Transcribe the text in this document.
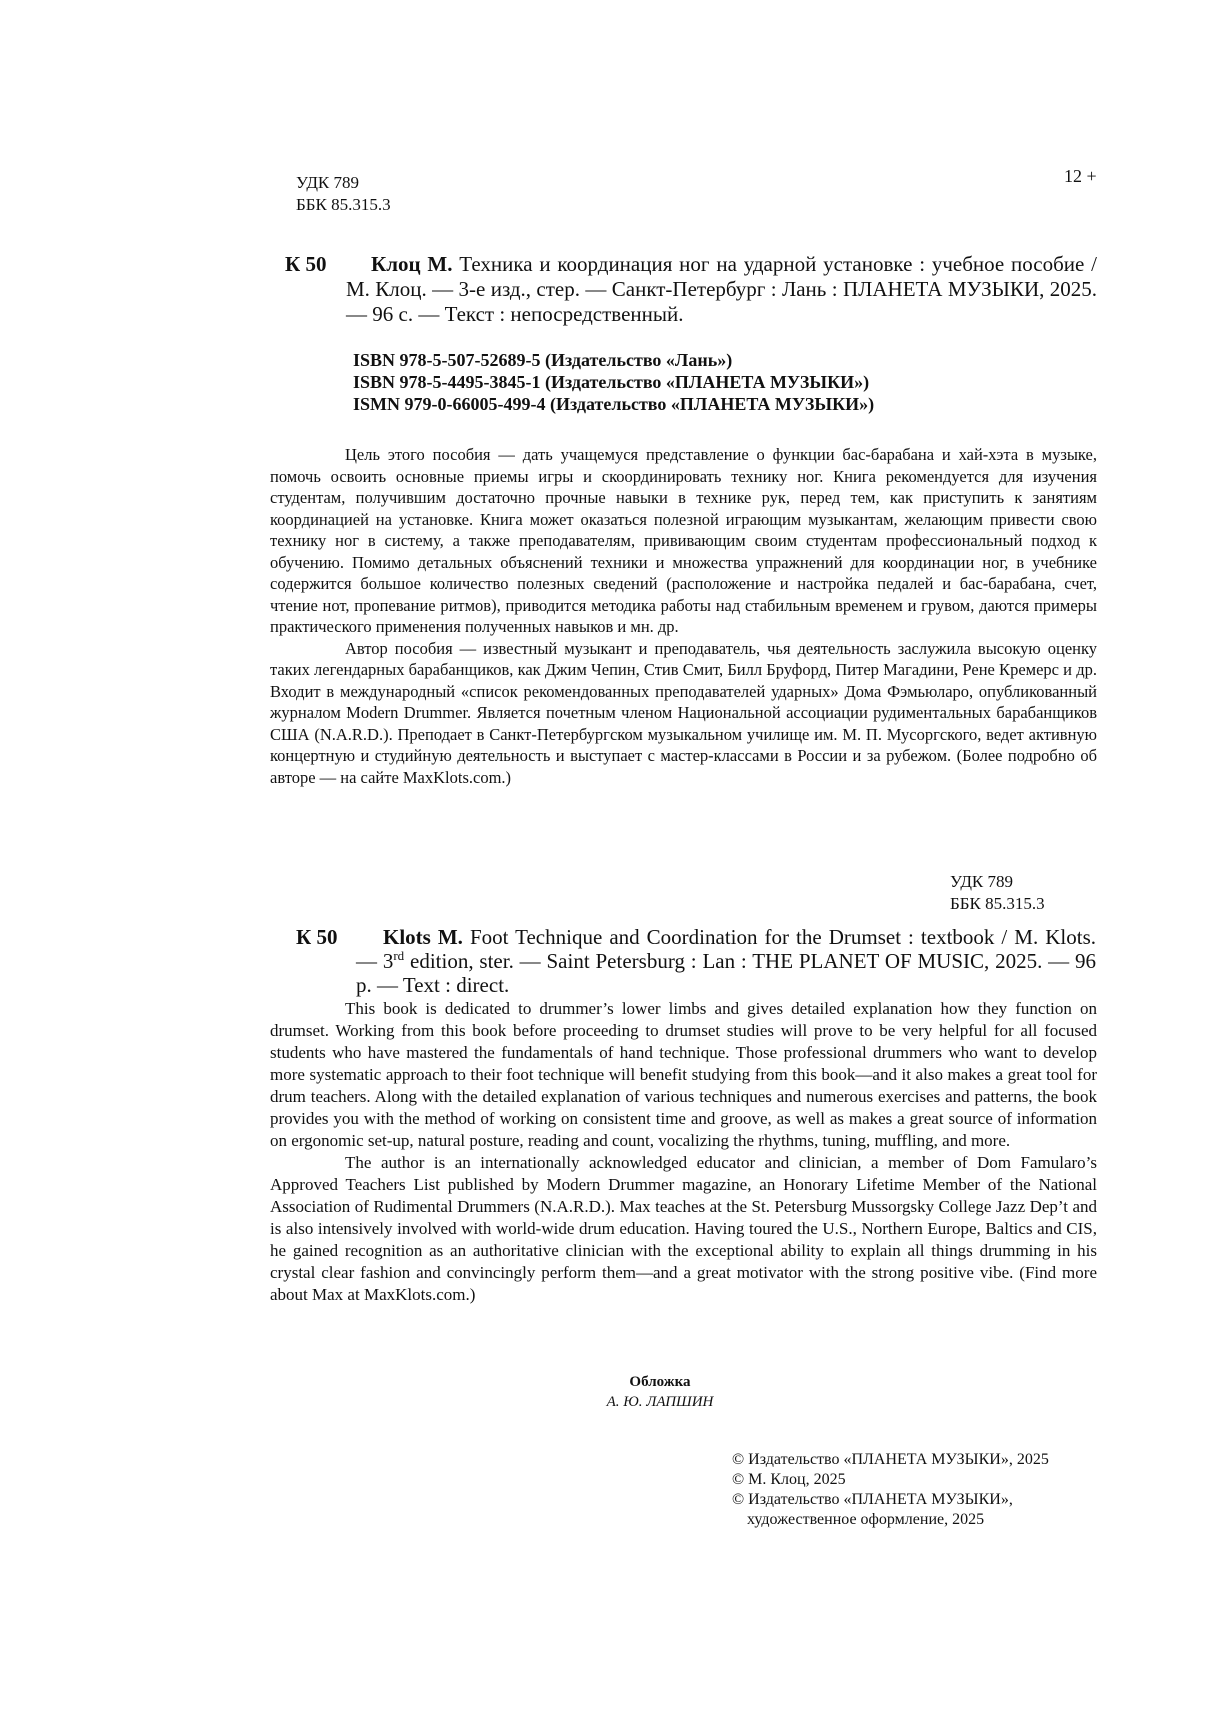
УДК 789
ББК 85.315.3
12 +
К 50	Клоц М. Техника и координация ног на ударной установке : учебное пособие / М. Клоц. — 3-е изд., стер. — Санкт-Петербург : Лань : ПЛАНЕТА МУЗЫКИ, 2025. — 96 с. — Текст : непосредственный.
ISBN 978-5-507-52689-5 (Издательство «Лань»)
ISBN 978-5-4495-3845-1 (Издательство «ПЛАНЕТА МУЗЫКИ»)
ISMN 979-0-66005-499-4 (Издательство «ПЛАНЕТА МУЗЫКИ»)

Цель этого пособия — дать учащемуся представление о функции бас-барабана и хай-хэта в музыке, помочь освоить основные приемы игры и скоординировать технику ног. Книга рекомендуется для изучения студентам, получившим достаточно прочные навыки в технике рук, перед тем, как приступить к занятиям координацией на установке. Книга может оказаться полезной играющим музыкантам, желающим привести свою технику ног в систему, а также преподавателям, прививающим своим студентам профессиональный подход к обучению. Помимо детальных объяснений техники и множества упражнений для координации ног, в учебнике содержится большое количество полезных сведений (расположение и настройка педалей и бас-барабана, счет, чтение нот, пропевание ритмов), приводится методика работы над стабильным временем и грувом, даются примеры практического применения полученных навыков и мн. др.

Автор пособия — известный музыкант и преподаватель, чья деятельность заслужила высокую оценку таких легендарных барабанщиков, как Джим Чепин, Стив Смит, Билл Бруфорд, Питер Магадини, Рене Кремерс и др. Входит в международный «список рекомендованных преподавателей ударных» Дома Фэмьюларо, опубликованный журналом Modern Drummer. Является почетным членом Национальной ассоциации рудиментальных барабанщиков США (N.A.R.D.). Преподает в Санкт-Петербургском музыкальном училище им. М. П. Мусоргского, ведет активную концертную и студийную деятельность и выступает с мастер-классами в России и за рубежом. (Более подробно об авторе — на сайте MaxKlots.com.)

УДК 789
ББК 85.315.3
К 50	Klots M. Foot Technique and Coordination for the Drumset : textbook / M. Klots. — 3rd edition, ster. — Saint Petersburg : Lan : THE PLANET OF MUSIC, 2025. — 96 p. — Text : direct.

This book is dedicated to drummer’s lower limbs and gives detailed explanation how they function on drumset. Working from this book before proceeding to drumset studies will prove to be very helpful for all focused students who have mastered the fundamentals of hand technique. Those professional drummers who want to develop more systematic approach to their foot technique will benefit studying from this book—and it also makes a great tool for drum teachers. Along with the detailed explanation of various techniques and numerous exercises and patterns, the book provides you with the method of working on consistent time and groove, as well as makes a great source of information on ergonomic set-up, natural posture, reading and count, vocalizing the rhythms, tuning, muffling, and more.

The author is an internationally acknowledged educator and clinician, a member of Dom Famularo’s Approved Teachers List published by Modern Drummer magazine, an Honorary Lifetime Member of the National Association of Rudimental Drummers (N.A.R.D.). Max teaches at the St. Petersburg Mussorgsky College Jazz Dep’t and is also intensively involved with world-wide drum education. Having toured the U.S., Northern Europe, Baltics and CIS, he gained recognition as an authoritative clinician with the exceptional ability to explain all things drumming in his crystal clear fashion and convincingly perform them—and a great motivator with the strong positive vibe. (Find more about Max at MaxKlots.com.)

Обложка
А. Ю. ЛАПШИН
© Издательство «ПЛАНЕТА МУЗЫКИ», 2025
© М. Клоц, 2025
© Издательство «ПЛАНЕТА МУЗЫКИ»,
художественное оформление, 2025
